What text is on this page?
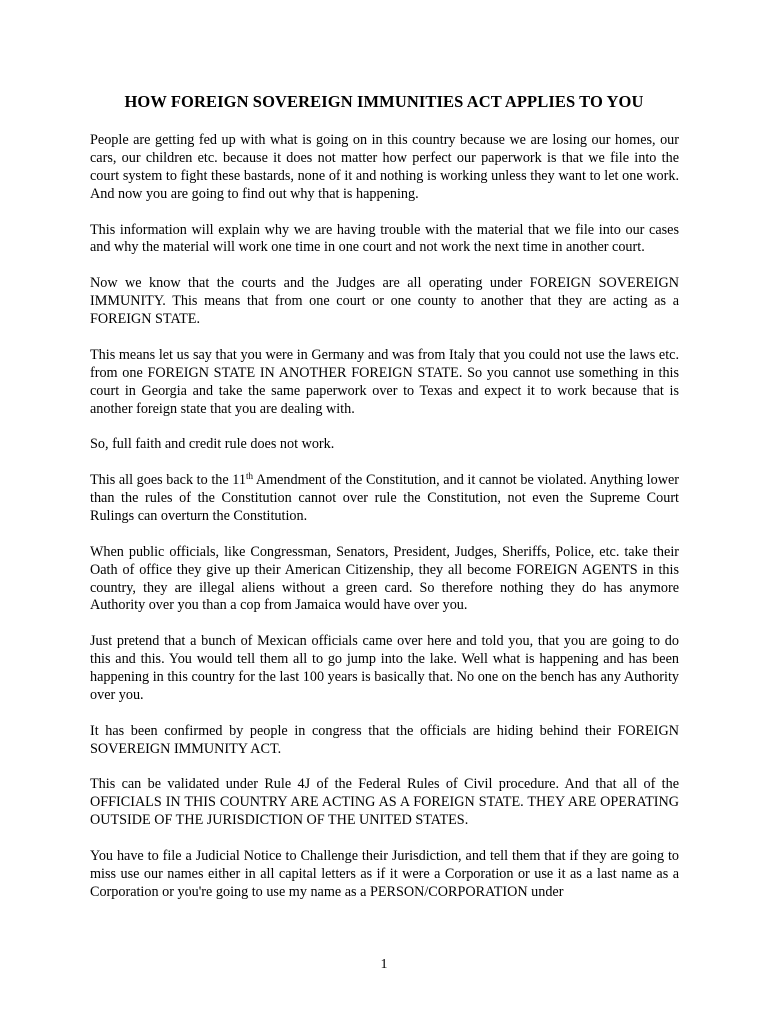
HOW FOREIGN SOVEREIGN IMMUNITIES ACT APPLIES TO YOU

People are getting fed up with what is going on in this country because we are losing our homes, our cars, our children etc. because it does not matter how perfect our paperwork is that we file into the court system to fight these bastards, none of it and nothing is working unless they want to let one work. And now you are going to find out why that is happening.

This information will explain why we are having trouble with the material that we file into our cases and why the material will work one time in one court and not work the next time in another court.

Now we know that the courts and the Judges are all operating under FOREIGN SOVEREIGN IMMUNITY. This means that from one court or one county to another that they are acting as a FOREIGN STATE.

This means let us say that you were in Germany and was from Italy that you could not use the laws etc. from one FOREIGN STATE IN ANOTHER FOREIGN STATE. So you cannot use something in this court in Georgia and take the same paperwork over to Texas and expect it to work because that is another foreign state that you are dealing with.

So, full faith and credit rule does not work.

This all goes back to the 11th Amendment of the Constitution, and it cannot be violated. Anything lower than the rules of the Constitution cannot over rule the Constitution, not even the Supreme Court Rulings can overturn the Constitution.

When public officials, like Congressman, Senators, President, Judges, Sheriffs, Police, etc. take their Oath of office they give up their American Citizenship, they all become FOREIGN AGENTS in this country, they are illegal aliens without a green card. So therefore nothing they do has anymore Authority over you than a cop from Jamaica would have over you.

Just pretend that a bunch of Mexican officials came over here and told you, that you are going to do this and this. You would tell them all to go jump into the lake. Well what is happening and has been happening in this country for the last 100 years is basically that. No one on the bench has any Authority over you.

It has been confirmed by people in congress that the officials are hiding behind their FOREIGN SOVEREIGN IMMUNITY ACT.

This can be validated under Rule 4J of the Federal Rules of Civil procedure. And that all of the OFFICIALS IN THIS COUNTRY ARE ACTING AS A FOREIGN STATE. THEY ARE OPERATING OUTSIDE OF THE JURISDICTION OF THE UNITED STATES.

You have to file a Judicial Notice to Challenge their Jurisdiction, and tell them that if they are going to miss use our names either in all capital letters as if it were a Corporation or use it as a last name as a Corporation or you're going to use my name as a PERSON/CORPORATION under

1
